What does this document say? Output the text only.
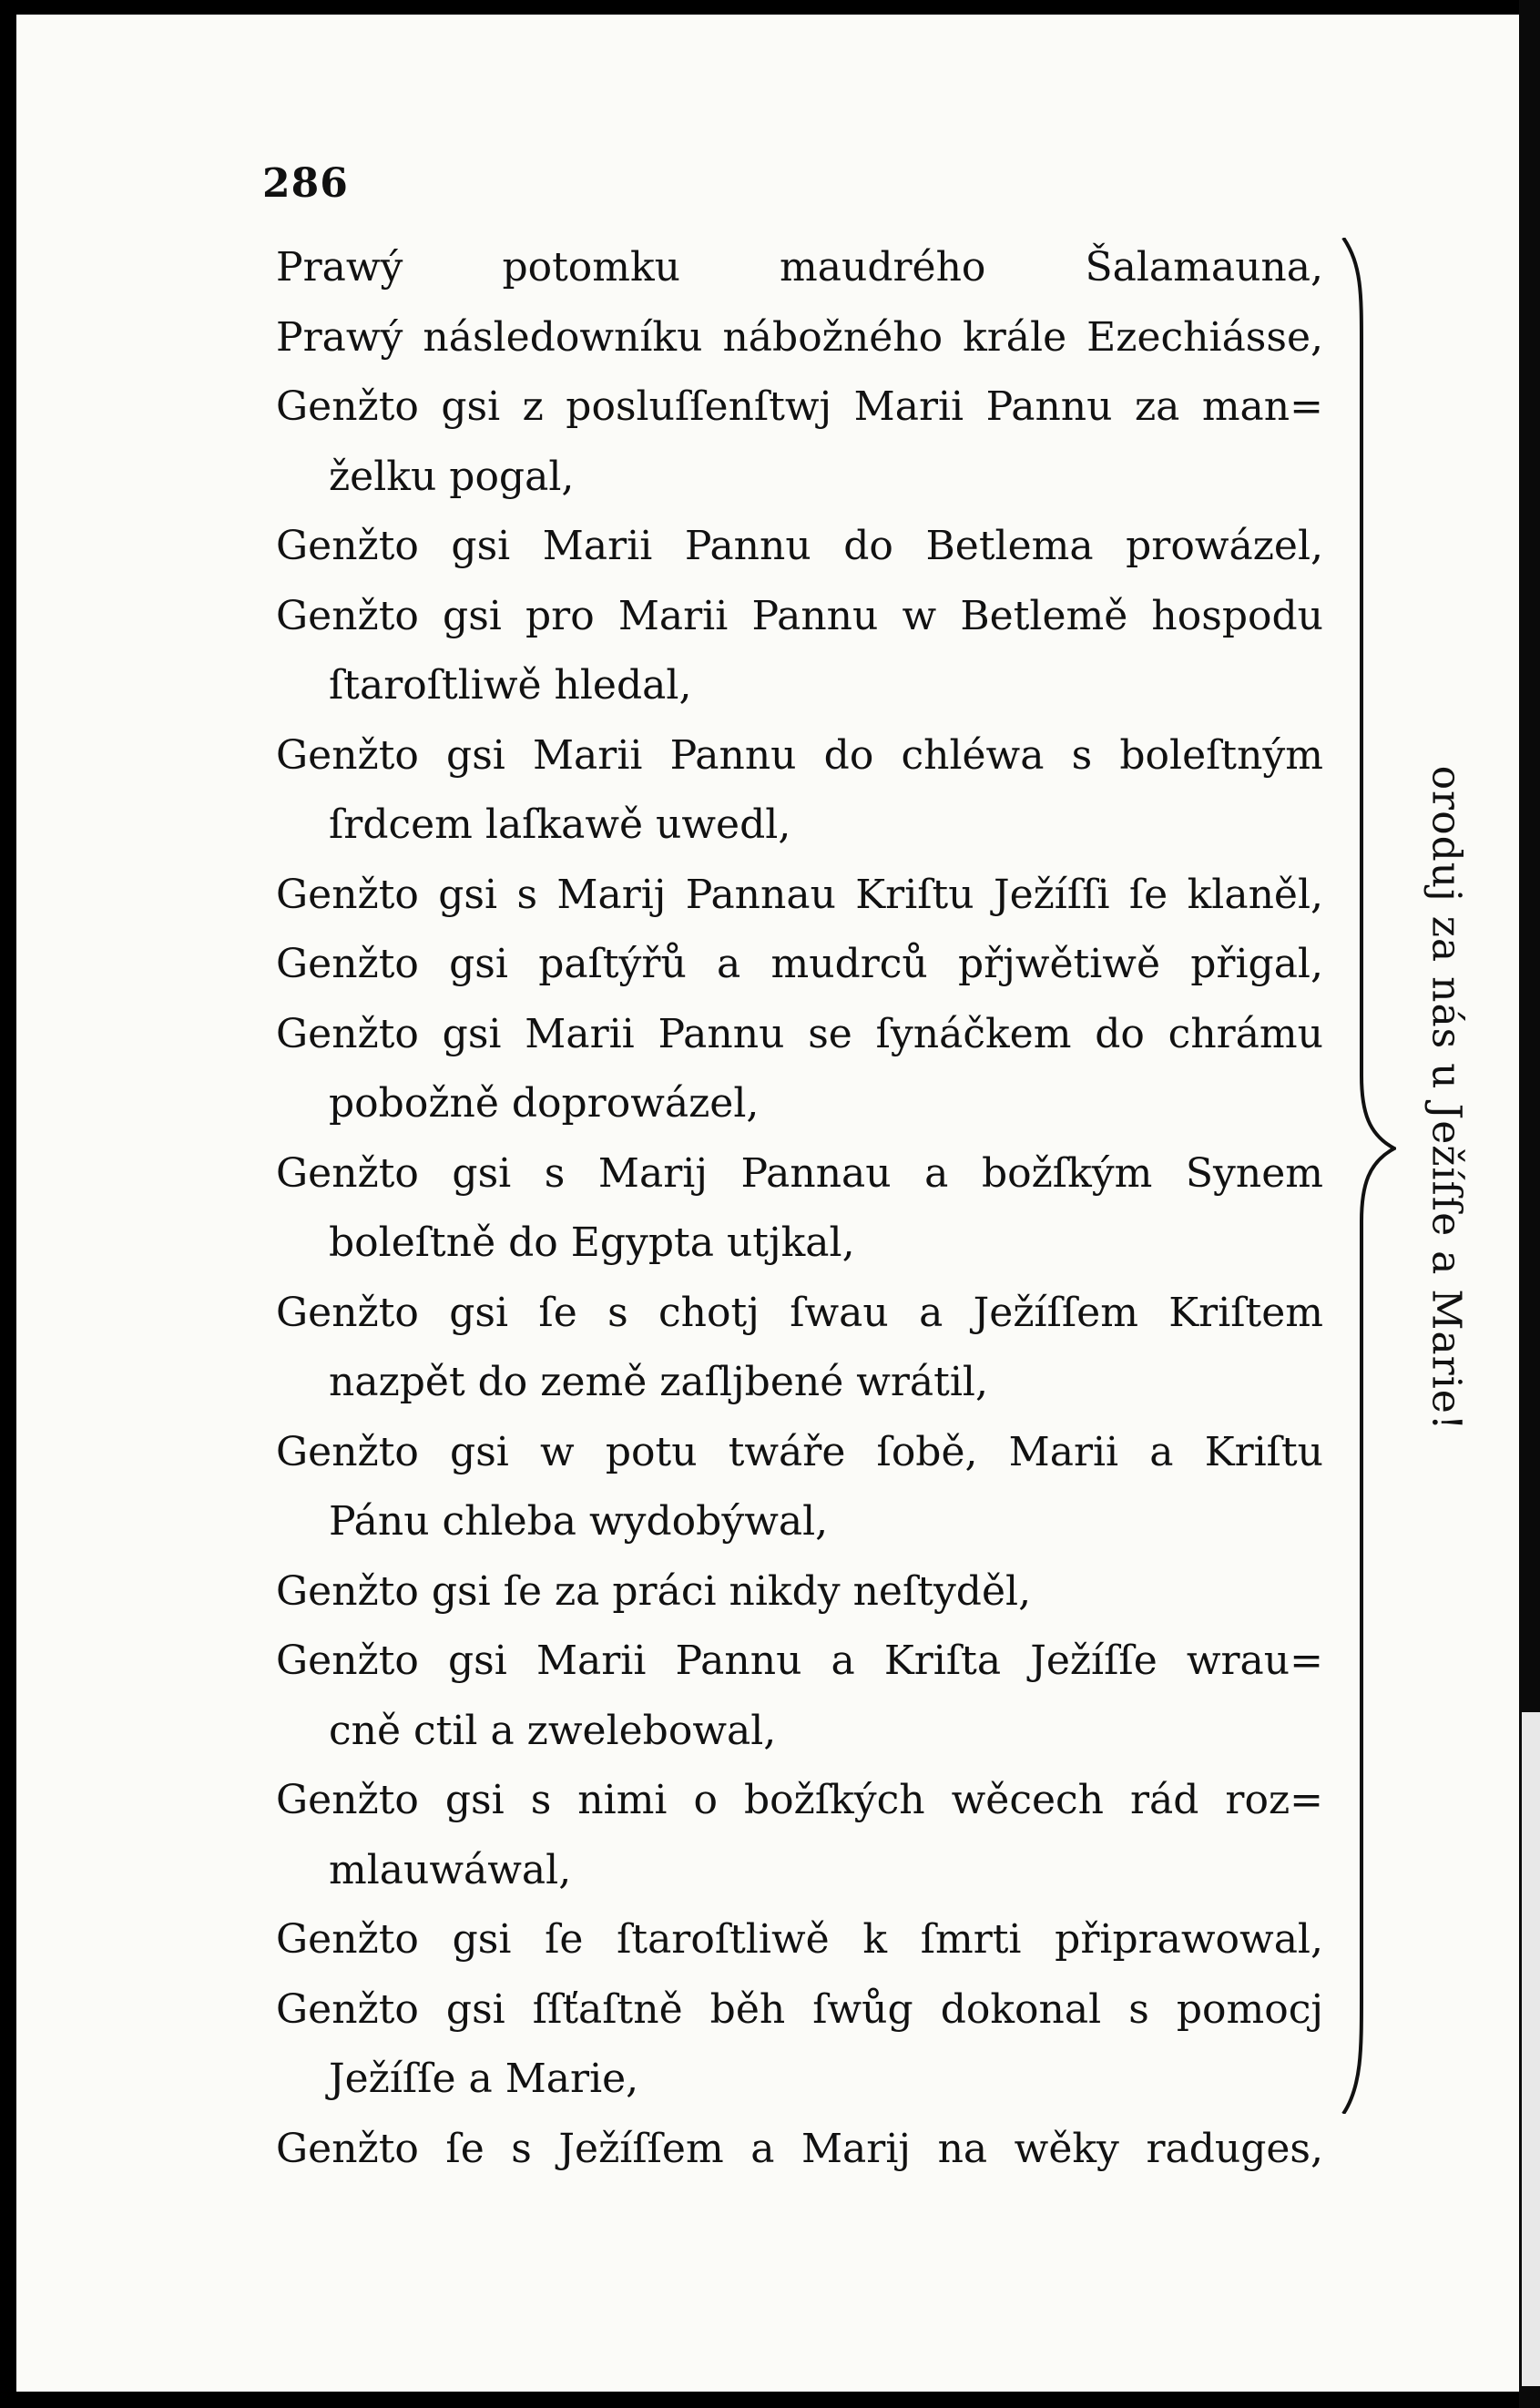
286
Prawý potomku maudrého Šalamauna,
Prawý následowníku nábožného krále Ezechiásse,
Genžto gsi z posluſſenſtwj Marii Pannu za man=
želku pogal,
Genžto gsi Marii Pannu do Betlema prowázel,
Genžto gsi pro Marii Pannu w Betlemě hospodu
ſtaroſtliwě hledal,
Genžto gsi Marii Pannu do chléwa s boleſtným
ſrdcem laſkawě uwedl,
Genžto gsi s Marij Pannau Kriſtu Ježíſſi ſe klaněl,
Genžto gsi paſtýřů a mudrců přjwětiwě přigal,
Genžto gsi Marii Pannu se ſynáčkem do chrámu
pobožně doprowázel,
Genžto gsi s Marij Pannau a božſkým Synem
boleſtně do Egypta utjkal,
Genžto gsi ſe s chotj ſwau a Ježíſſem Kriſtem
nazpět do země zaſljbené wrátil,
Genžto gsi w potu twáře ſobě, Marii a Kriſtu
Pánu chleba wydobýwal,
Genžto gsi ſe za práci nikdy neſtyděl,
Genžto gsi Marii Pannu a Kriſta Ježíſſe wrau=
cně ctil a zwelebowal,
Genžto gsi s nimi o božſkých wěcech rád roz=
mlauwáwal,
Genžto gsi ſe ſtaroſtliwě k ſmrti připrawowal,
Genžto gsi ſſťaſtně běh ſwůg dokonal s pomocj
Ježíſſe a Marie,
Genžto ſe s Ježíſſem a Marij na wěky raduges,
oroduj za nás u Ježíſſe a Marie!
